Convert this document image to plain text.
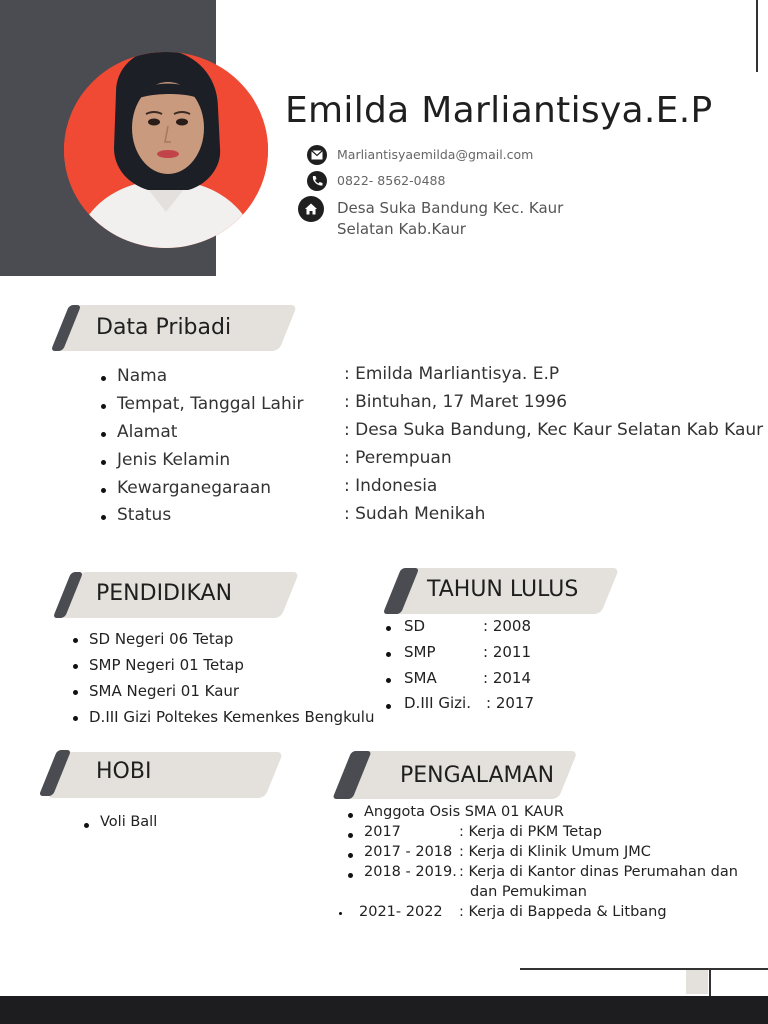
Emilda Marliantisya.E.P
Marliantisyaemilda@gmail.com
0822- 8562-0488
Desa Suka Bandung Kec. Kaur
Selatan Kab.Kaur
Data Pribadi
Nama	: Emilda Marliantisya. E.P
Tempat, Tanggal Lahir : Bintuhan, 17 Maret 1996
Alamat	: Desa Suka Bandung, Kec Kaur Selatan Kab Kaur
Jenis Kelamin	: Perempuan
Kewarganegaraan	: Indonesia
Status	: Sudah Menikah
PENDIDIKAN
SD Negeri 06 Tetap
SMP Negeri 01 Tetap
SMA Negeri 01 Kaur
D.III Gizi Poltekes Kemenkes Bengkulu
TAHUN LULUS
SD	: 2008
SMP	: 2011
SMA	: 2014
D.III Gizi. : 2017
HOBI
Voli Ball
PENGALAMAN
Anggota Osis SMA 01 KAUR
2017	: Kerja di PKM Tetap
2017 - 2018 : Kerja di Klinik Umum JMC
2018 - 2019. : Kerja di Kantor dinas Perumahan dan
dan Pemukiman
2021- 2022 : Kerja di Bappeda & Litbang
